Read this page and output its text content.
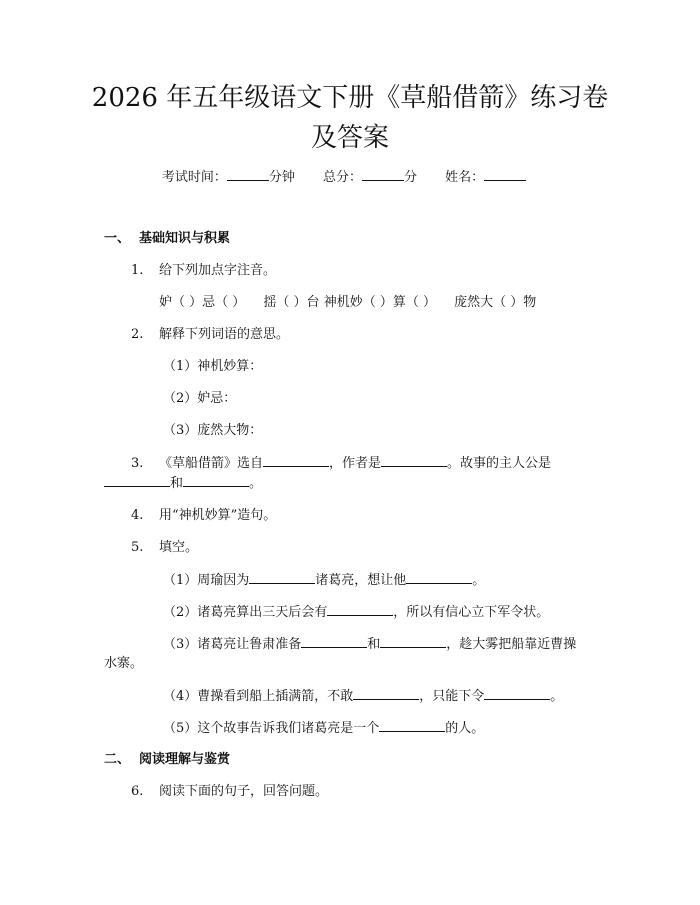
2026 年五年级语文下册《草船借箭》练习卷
及答案
考试时间：	分钟 总分：	分 姓名：
一、 基础知识与积累
1. 给下列加点字注音。
妒（ ）忌（ ） 揺（ ）台 神机妙（ ）算（ ） 庞然大（ ）物
2. 解释下列词语的意思。
（1）神机妙算：
（2）妒忌：
（3）庞然大物：
3. 《草船借箭》选自	，作者是	。故事的主人公是
和	。
4. 用“神机妙算”造句。
5. 填空。
（1）周瑜因为	诸葛亮，想让他	。
（2）诸葛亮算出三天后会有	，所以有信心立下军令状。
（3）诸葛亮让鲁肃准备	和	，趁大雾把船靠近曹操
水寨。
（4）曹操看到船上插满箭，不敢	，只能下令	。
（5）这个故事告诉我们诸葛亮是一个	的人。
二、 阅读理解与鉴赏
6. 阅读下面的句子，回答问题。
